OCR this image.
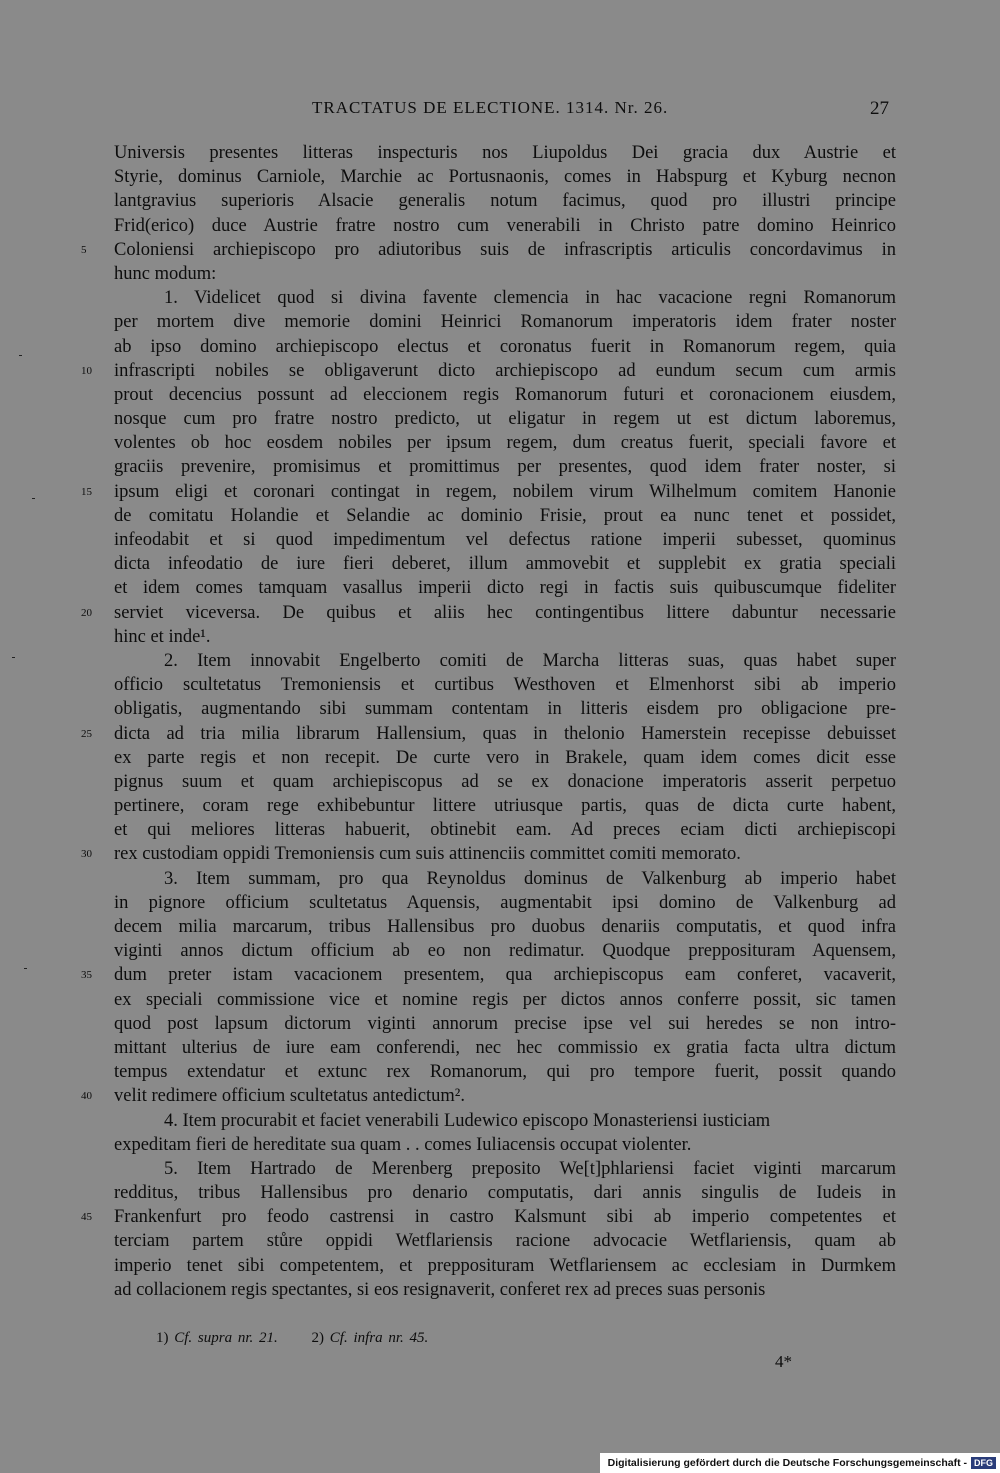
TRACTATUS DE ELECTIONE. 1314. Nr. 26.	27
Universis presentes litteras inspecturis nos Liupoldus Dei gracia dux Austrie et
Styrie, dominus Carniole, Marchie ac Portusnaonis, comes in Habspurg et Kyburg necnon
lantgravius superioris Alsacie generalis notum facimus, quod pro illustri principe
Frid(erico) duce Austrie fratre nostro cum venerabili in Christo patre domino Heinrico
5	Coloniensi archiepiscopo pro adiutoribus suis de infrascriptis articulis concordavimus in
hunc modum:
1. Videlicet quod si divina favente clemencia in hac vacacione regni Romanorum
per mortem dive memorie domini Heinrici Romanorum imperatoris idem frater noster
ab ipso domino archiepiscopo electus et coronatus fuerit in Romanorum regem, quia
10	infrascripti nobiles se obligaverunt dicto archiepiscopo ad eundum secum cum armis
prout decencius possunt ad eleccionem regis Romanorum futuri et coronacionem eiusdem,
nosque cum pro fratre nostro predicto, ut eligatur in regem ut est dictum laboremus,
volentes ob hoc eosdem nobiles per ipsum regem, dum creatus fuerit, speciali favore et
graciis prevenire, promisimus et promittimus per presentes, quod idem frater noster, si
15	ipsum eligi et coronari contingat in regem, nobilem virum Wilhelmum comitem Hanonie
de comitatu Holandie et Selandie ac dominio Frisie, prout ea nunc tenet et possidet,
infeodabit et si quod impedimentum vel defectus ratione imperii subesset, quominus
dicta infeodatio de iure fieri deberet, illum ammovebit et supplebit ex gratia speciali
et idem comes tamquam vasallus imperii dicto regi in factis suis quibuscumque fideliter
20	serviet viceversa. De quibus et aliis hec contingentibus littere dabuntur necessarie
hinc et inde¹.
2. Item innovabit Engelberto comiti de Marcha litteras suas, quas habet super
officio scultetatus Tremoniensis et curtibus Westhoven et Elmenhorst sibi ab imperio
obligatis, augmentando sibi summam contentam in litteris eisdem pro obligacione pre-
25	dicta ad tria milia librarum Hallensium, quas in thelonio Hamerstein recepisse debuisset
ex parte regis et non recepit. De curte vero in Brakele, quam idem comes dicit esse
pignus suum et quam archiepiscopus ad se ex donacione imperatoris asserit perpetuo
pertinere, coram rege exhibebuntur littere utriusque partis, quas de dicta curte habent,
et qui meliores litteras habuerit, obtinebit eam. Ad preces eciam dicti archiepiscopi
30	rex custodiam oppidi Tremoniensis cum suis attinenciis committet comiti memorato.
3. Item summam, pro qua Reynoldus dominus de Valkenburg ab imperio habet
in pignore officium scultetatus Aquensis, augmentabit ipsi domino de Valkenburg ad
decem milia marcarum, tribus Hallensibus pro duobus denariis computatis, et quod infra
viginti annos dictum officium ab eo non redimatur. Quodque prepposituram Aquensem,
35	dum preter istam vacacionem presentem, qua archiepiscopus eam conferet, vacaverit,
ex speciali commissione vice et nomine regis per dictos annos conferre possit, sic tamen
quod post lapsum dictorum viginti annorum precise ipse vel sui heredes se non intro-
mittant ulterius de iure eam conferendi, nec hec commissio ex gratia facta ultra dictum
tempus extendatur et extunc rex Romanorum, qui pro tempore fuerit, possit quando
40	velit redimere officium scultetatus antedictum².
4. Item procurabit et faciet venerabili Ludewico episcopo Monasteriensi iusticiam
expeditam fieri de hereditate sua quam . . comes Iuliacensis occupat violenter.
5. Item Hartrado de Merenberg preposito We[t]phlariensi faciet viginti marcarum
redditus, tribus Hallensibus pro denario computatis, dari annis singulis de Iudeis in
45	Frankenfurt pro feodo castrensi in castro Kalsmunt sibi ab imperio competentes et
terciam partem stůre oppidi Wetflariensis racione advocacie Wetflariensis, quam ab
imperio tenet sibi competentem, et prepposituram Wetflariensem ac ecclesiam in Durmkem
ad collacionem regis spectantes, si eos resignaverit, conferet rex ad preces suas personis
1) Cf. supra nr. 21. 2) Cf. infra nr. 45.
4*
Digitalisierung gefördert durch die Deutsche Forschungsgemeinschaft - DFG
